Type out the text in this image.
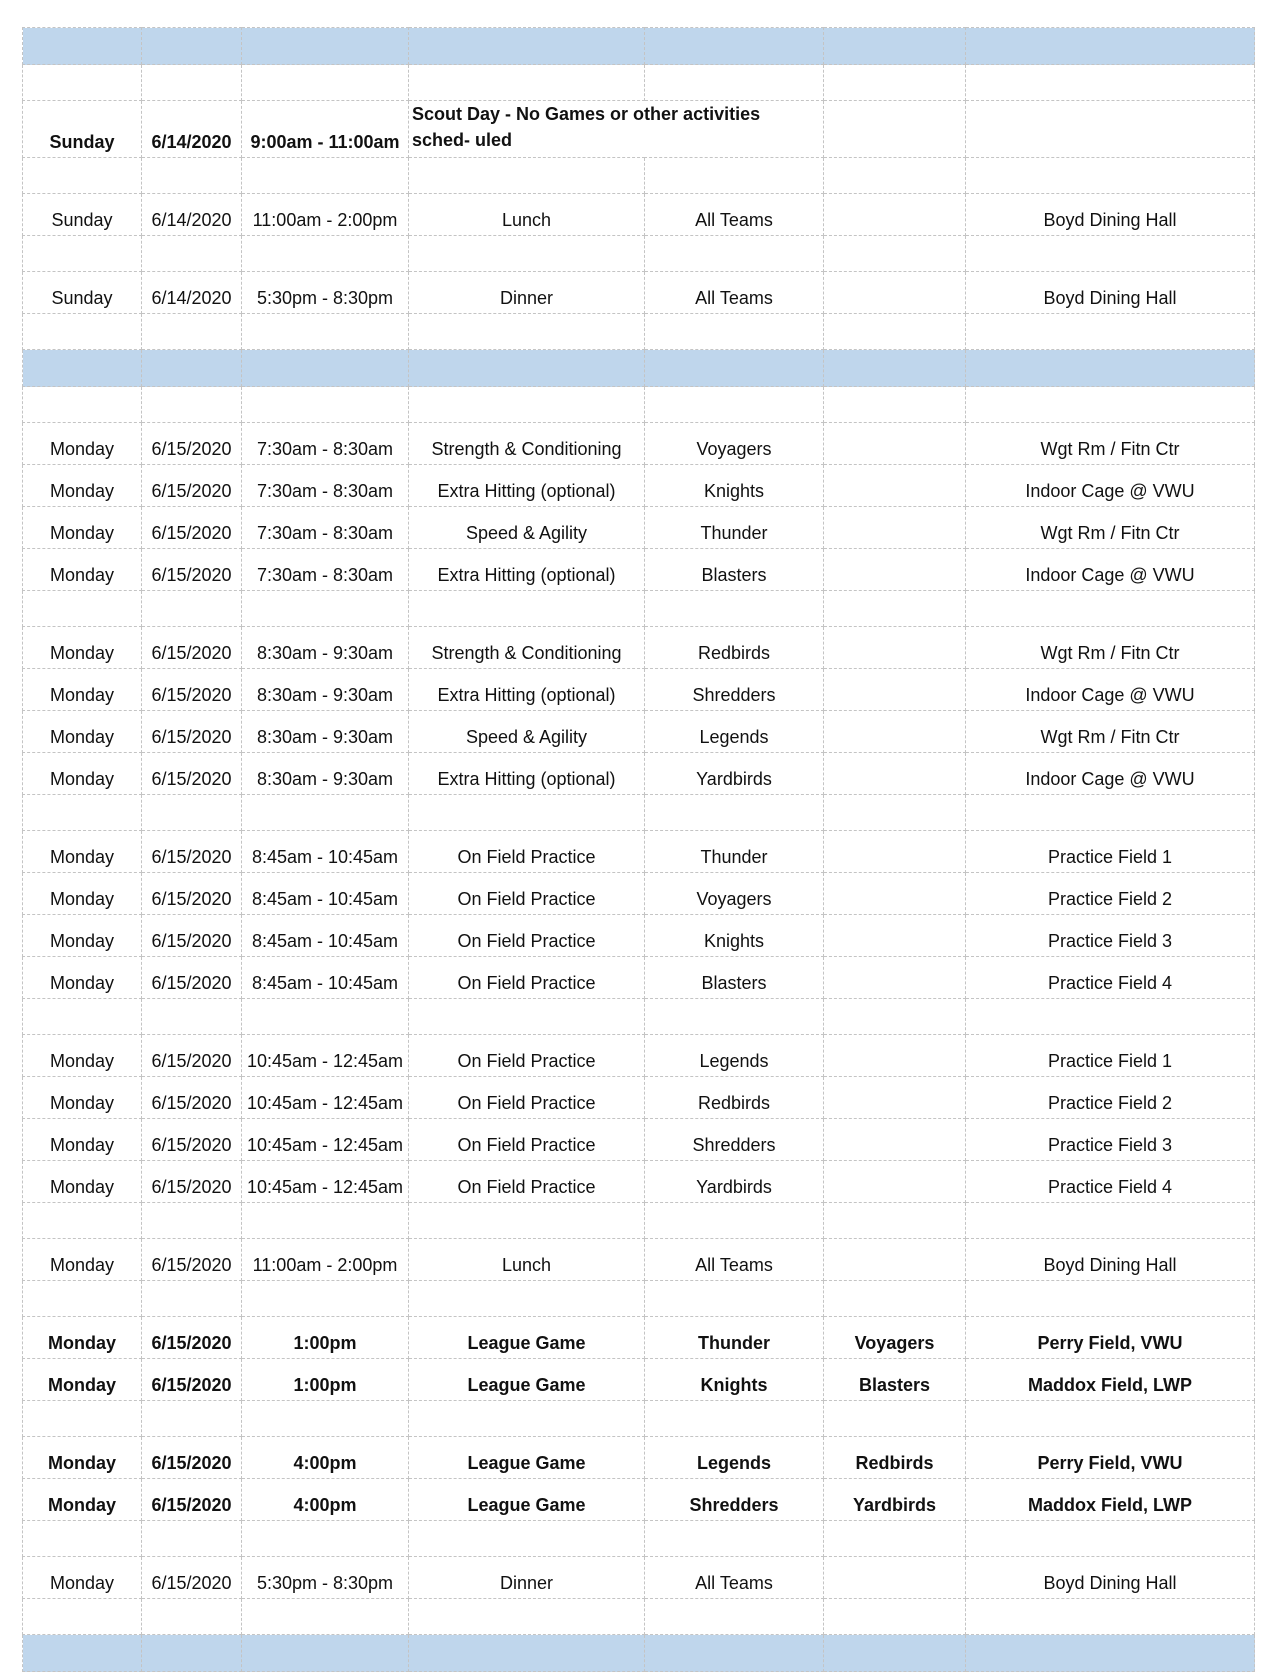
Sunday	6/14/2020	9:00am - 11:00am	Scout Day - No Games or other activities sched- uled			

Sunday	6/14/2020	11:00am - 2:00pm	Lunch	All Teams		Boyd Dining Hall

Sunday	6/14/2020	5:30pm - 8:30pm	Dinner	All Teams		Boyd Dining Hall

Monday	6/15/2020	7:30am - 8:30am	Strength & Conditioning	Voyagers		Wgt Rm / Fitn Ctr
Monday	6/15/2020	7:30am - 8:30am	Extra Hitting (optional)	Knights		Indoor Cage @ VWU
Monday	6/15/2020	7:30am - 8:30am	Speed & Agility	Thunder		Wgt Rm / Fitn Ctr
Monday	6/15/2020	7:30am - 8:30am	Extra Hitting (optional)	Blasters		Indoor Cage @ VWU

Monday	6/15/2020	8:30am - 9:30am	Strength & Conditioning	Redbirds		Wgt Rm / Fitn Ctr
Monday	6/15/2020	8:30am - 9:30am	Extra Hitting (optional)	Shredders		Indoor Cage @ VWU
Monday	6/15/2020	8:30am - 9:30am	Speed & Agility	Legends		Wgt Rm / Fitn Ctr
Monday	6/15/2020	8:30am - 9:30am	Extra Hitting (optional)	Yardbirds		Indoor Cage @ VWU

Monday	6/15/2020	8:45am - 10:45am	On Field Practice	Thunder		Practice Field 1
Monday	6/15/2020	8:45am - 10:45am	On Field Practice	Voyagers		Practice Field 2
Monday	6/15/2020	8:45am - 10:45am	On Field Practice	Knights		Practice Field 3
Monday	6/15/2020	8:45am - 10:45am	On Field Practice	Blasters		Practice Field 4

Monday	6/15/2020	10:45am - 12:45am	On Field Practice	Legends		Practice Field 1
Monday	6/15/2020	10:45am - 12:45am	On Field Practice	Redbirds		Practice Field 2
Monday	6/15/2020	10:45am - 12:45am	On Field Practice	Shredders		Practice Field 3
Monday	6/15/2020	10:45am - 12:45am	On Field Practice	Yardbirds		Practice Field 4

Monday	6/15/2020	11:00am - 2:00pm	Lunch	All Teams		Boyd Dining Hall

Monday	6/15/2020	1:00pm	League Game	Thunder	Voyagers	Perry Field, VWU
Monday	6/15/2020	1:00pm	League Game	Knights	Blasters	Maddox Field, LWP

Monday	6/15/2020	4:00pm	League Game	Legends	Redbirds	Perry Field, VWU
Monday	6/15/2020	4:00pm	League Game	Shredders	Yardbirds	Maddox Field, LWP

Monday	6/15/2020	5:30pm - 8:30pm	Dinner	All Teams		Boyd Dining Hall
